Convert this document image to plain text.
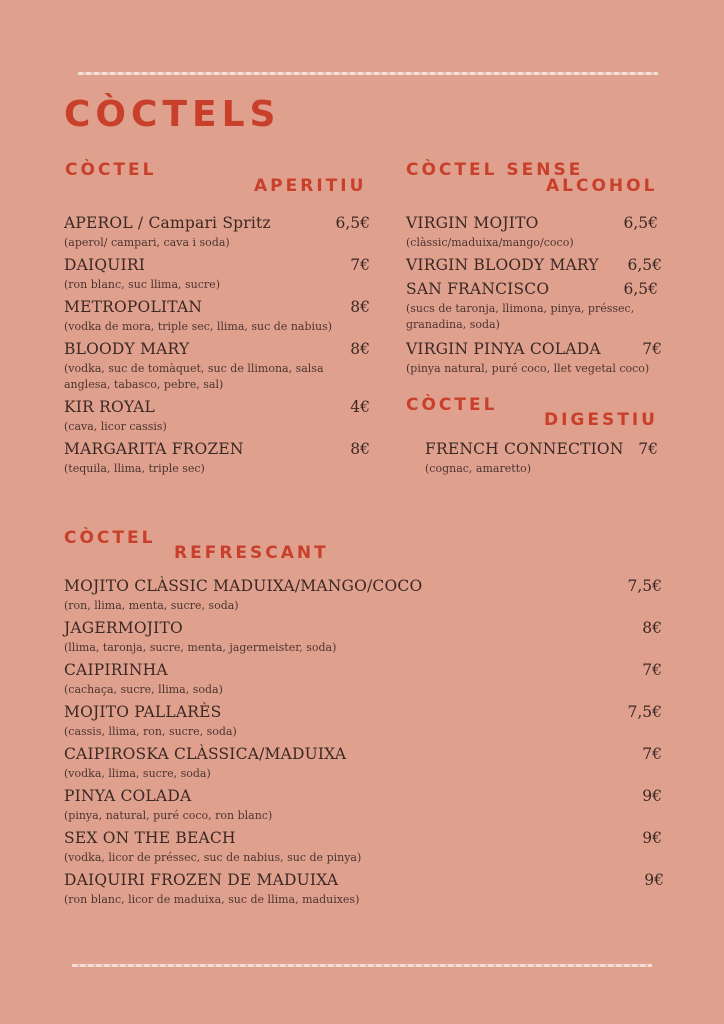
CÒCTELS
CÒCTEL
APERITIU
APEROL / Campari Spritz	6,5€
(aperol/ campari, cava i soda)
DAIQUIRI	7€
(ron blanc, suc llima, sucre)
METROPOLITAN	8€
(vodka de mora, triple sec, llima, suc de nabius)
BLOODY MARY	8€
(vodka, suc de tomàquet, suc de llimona, salsa anglesa, tabasco, pebre, sal)
KIR ROYAL	4€
(cava, licor cassis)
MARGARITA FROZEN	8€
(tequila, llima, triple sec)
CÒCTEL SENSE
ALCOHOL
VIRGIN MOJITO	6,5€
(clàssic/maduixa/mango/coco)
VIRGIN BLOODY MARY	6,5€
SAN FRANCISCO	6,5€
(sucs de taronja, llimona, pinya, préssec, granadina, soda)
VIRGIN PINYA COLADA	7€
(pinya natural, puré coco, llet vegetal coco)
CÒCTEL
DIGESTIU
FRENCH CONNECTION 7€
(cognac, amaretto)
CÒCTEL
REFRESCANT
MOJITO CLÀSSIC MADUIXA/MANGO/COCO	7,5€
(ron, llima, menta, sucre, soda)
JAGERMOJITO	8€
(llima, taronja, sucre, menta, jagermeister, soda)
CAIPIRINHA	7€
(cachaça, sucre, llima, soda)
MOJITO PALLARÈS	7,5€
(cassis, llima, ron, sucre, soda)
CAIPIROSKA CLÀSSICA/MADUIXA	7€
(vodka, llima, sucre, soda)
PINYA COLADA	9€
(pinya, natural, puré coco, ron blanc)
SEX ON THE BEACH	9€
(vodka, licor de préssec, suc de nabius, suc de pinya)
DAIQUIRI FROZEN DE MADUIXA	9€
(ron blanc, licor de maduixa, suc de llima, maduixes)
